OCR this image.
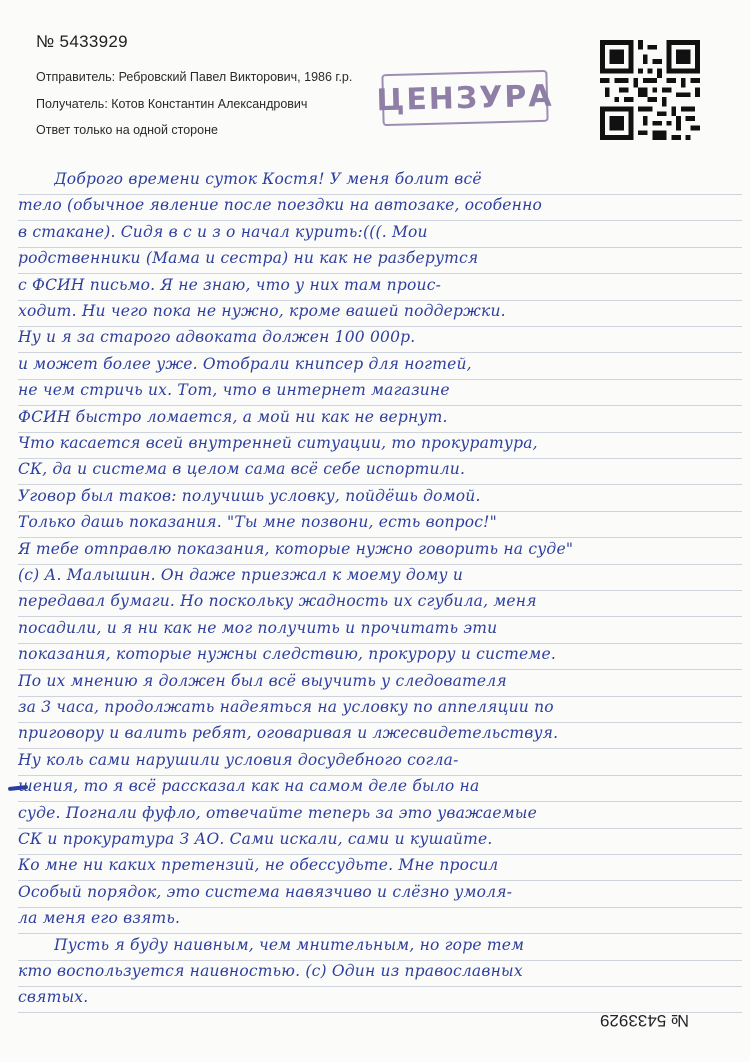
№ 5433929
Отправитель: Ребровский Павел Викторович, 1986 г.р.
Получатель: Котов Константин Александрович
Ответ только на одной стороне
ЦЕНЗУРА
Доброго времени суток Костя! У меня болит всё
тело (обычное явление после поездки на автозаке, особенно
в стакане). Сидя в с и з о начал курить:(((. Мои
родственники (Мама и сестра) ни как не разберутся
с ФСИН письмо. Я не знаю, что у них там проис-
ходит. Ни чего пока не нужно, кроме вашей поддержки.
Ну и я за старого адвоката должен 100 000р.
и может более уже. Отобрали книпсер для ногтей,
не чем стричь их. Тот, что в интернет магазине
ФСИН быстро ломается, а мой ни как не вернут.
Что касается всей внутренней ситуации, то прокуратура,
СК, да и система в целом сама всё себе испортили.
Уговор был таков: получишь условку, пойдёшь домой.
Только дашь показания. "Ты мне позвони, есть вопрос!"
Я тебе отправлю показания, которые нужно говорить на суде"
(с) А. Малышин. Он даже приезжал к моему дому и
передавал бумаги. Но поскольку жадность их сгубила, меня
посадили, и я ни как не мог получить и прочитать эти
показания, которые нужны следствию, прокурору и системе.
По их мнению я должен был всё выучить у следователя
за 3 часа, продолжать надеяться на условку по аппеляции по
приговору и валить ребят, оговаривая и лжесвидетельствуя.
Ну коль сами нарушили условия досудебного согла-
шения, то я всё рассказал как на самом деле было на
суде. Погнали фуфло, отвечайте теперь за это уважаемые
СК и прокуратура З АО. Сами искали, сами и кушайте.
Ко мне ни каких претензий, не обессудьте. Мне просил
Особый порядок, это система навязчиво и слёзно умоля-
ла меня его взять.
Пусть я буду наивным, чем мнительным, но горе тем
кто воспользуется наивностью. (с) Один из православных
святых.
№ 5433929
